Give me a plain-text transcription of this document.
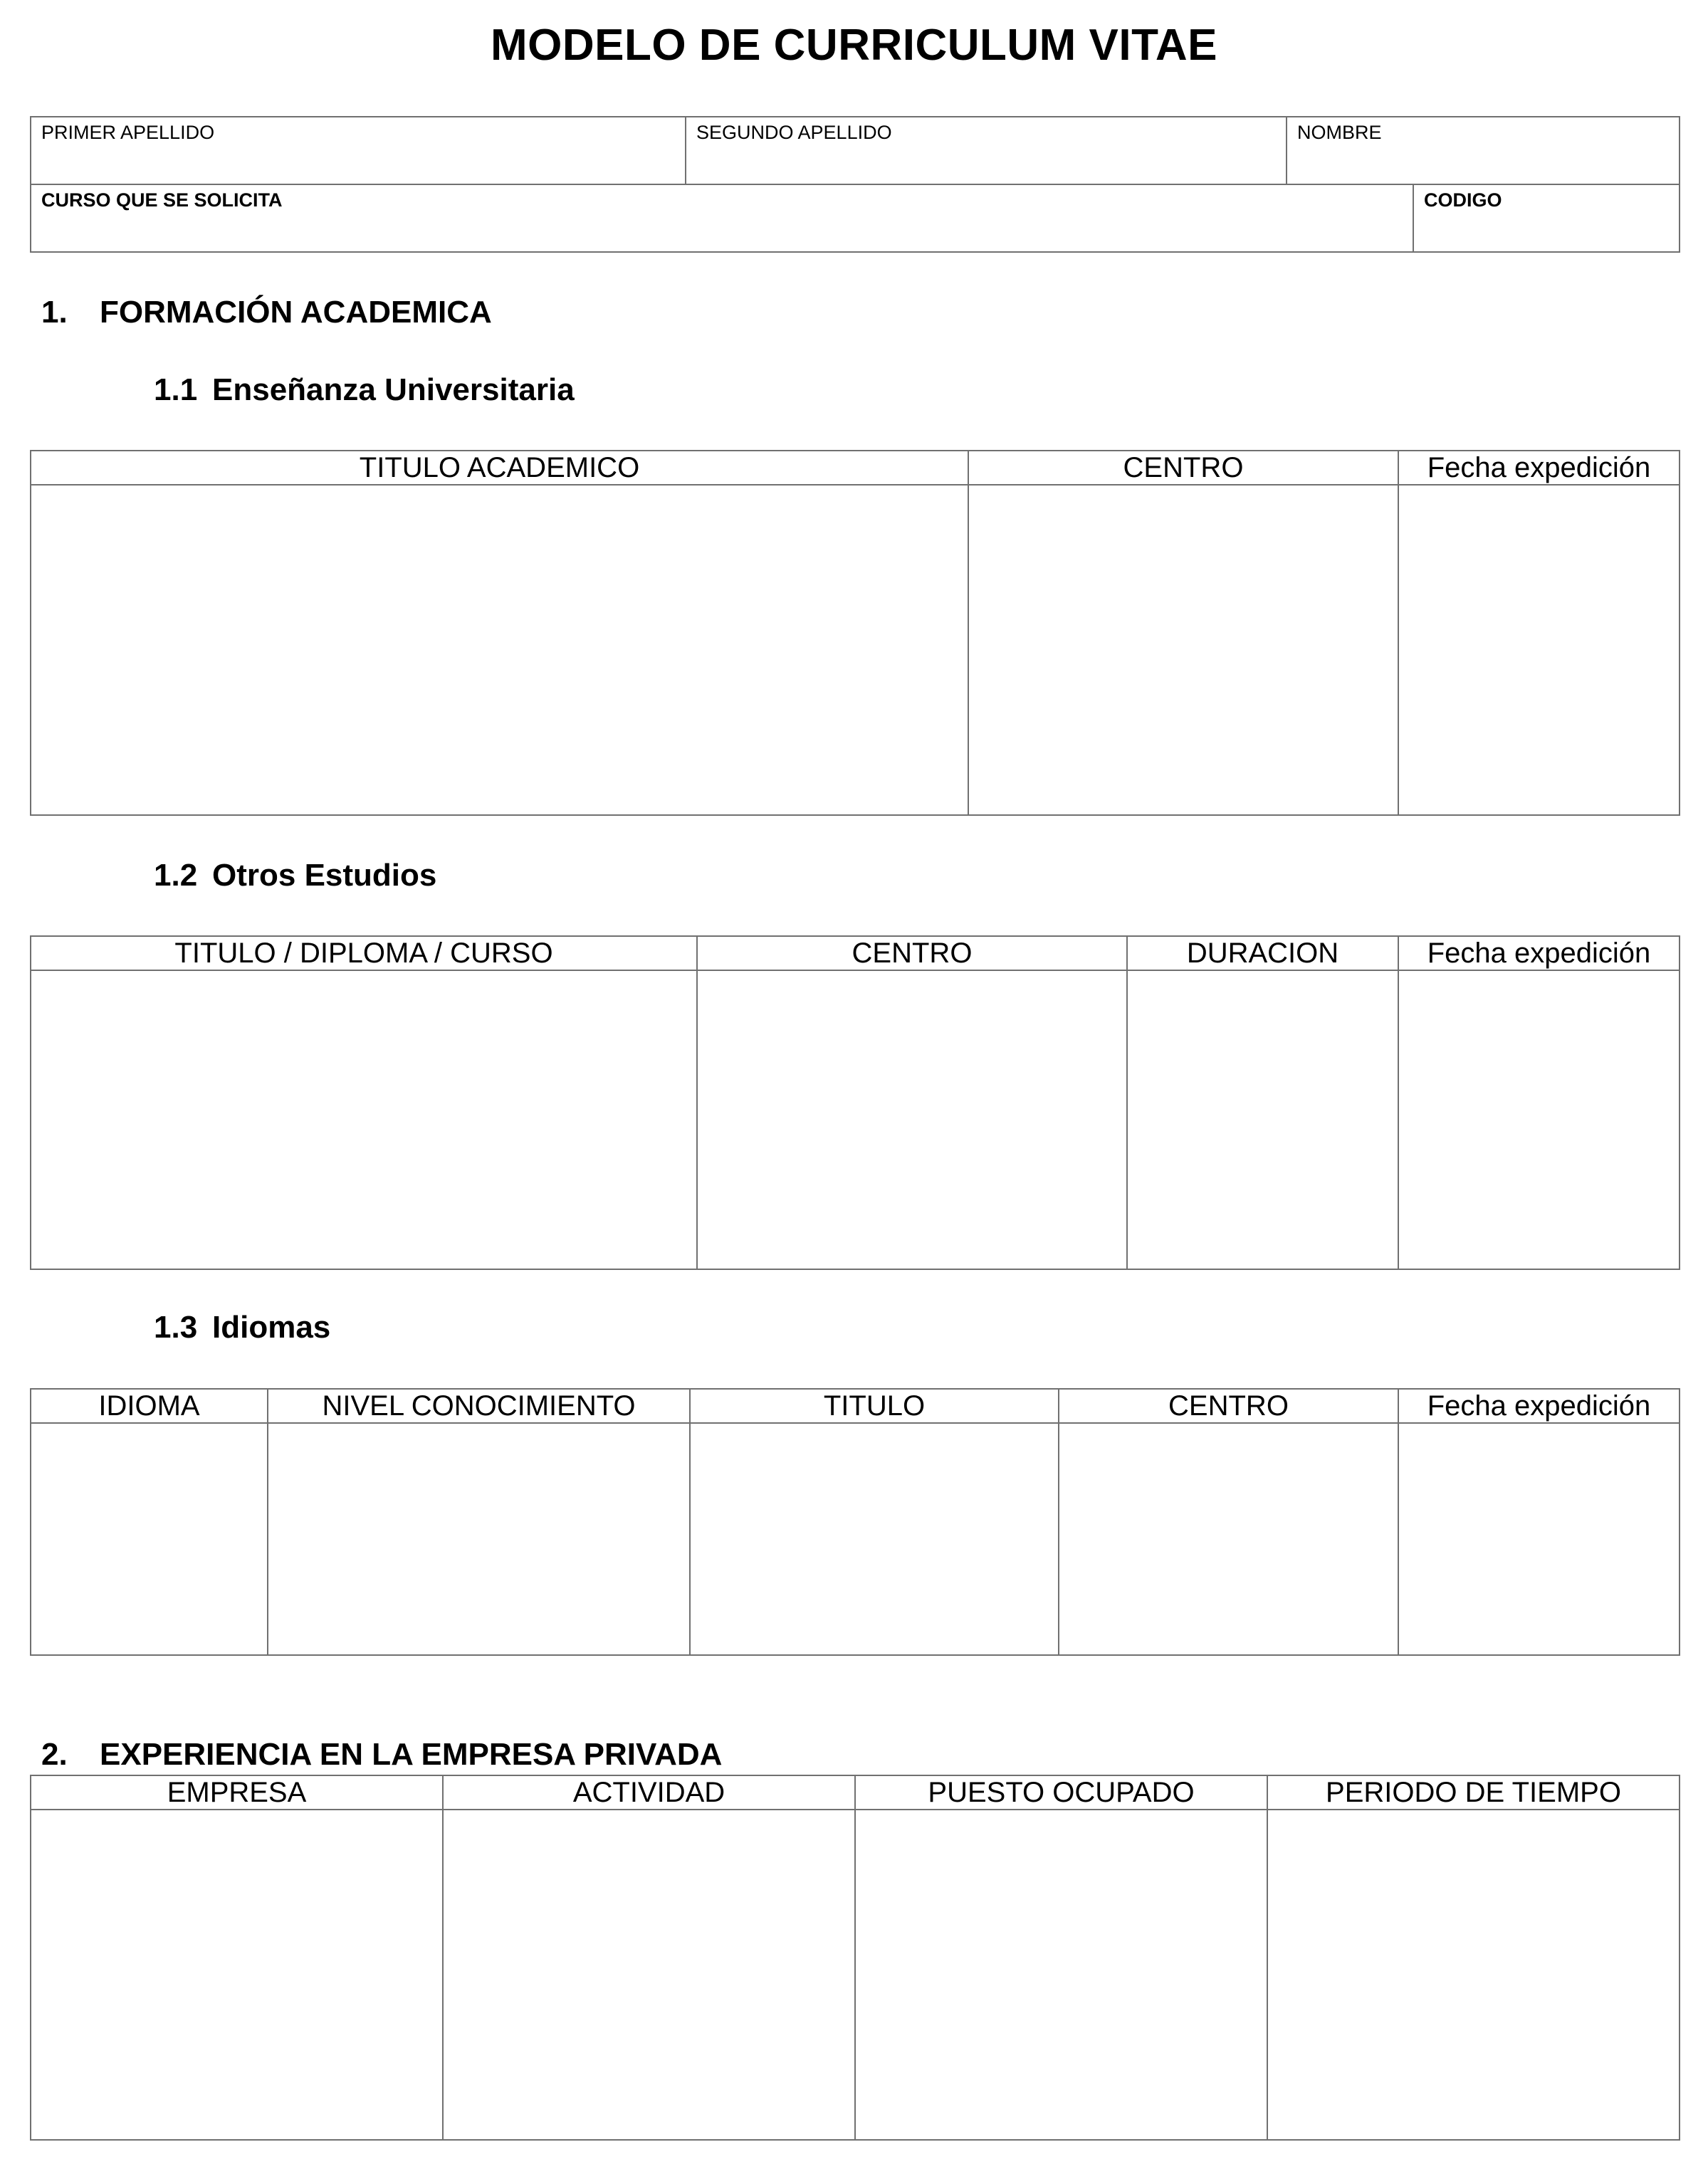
MODELO DE CURRICULUM VITAE
PRIMER APELLIDO	SEGUNDO APELLIDO	NOMBRE	
CURSO QUE SE SOLICITA			CODIGO
1. FORMACIÓN ACADEMICA
1.1 Enseñanza Universitaria
TITULO ACADEMICO	CENTRO	Fecha expedición

1.2 Otros Estudios
TITULO / DIPLOMA / CURSO	CENTRO	DURACION	Fecha expedición

1.3 Idiomas
IDIOMA	NIVEL CONOCIMIENTO	TITULO	CENTRO	Fecha expedición

2. EXPERIENCIA EN LA EMPRESA PRIVADA
EMPRESA	ACTIVIDAD	PUESTO OCUPADO	PERIODO DE TIEMPO
